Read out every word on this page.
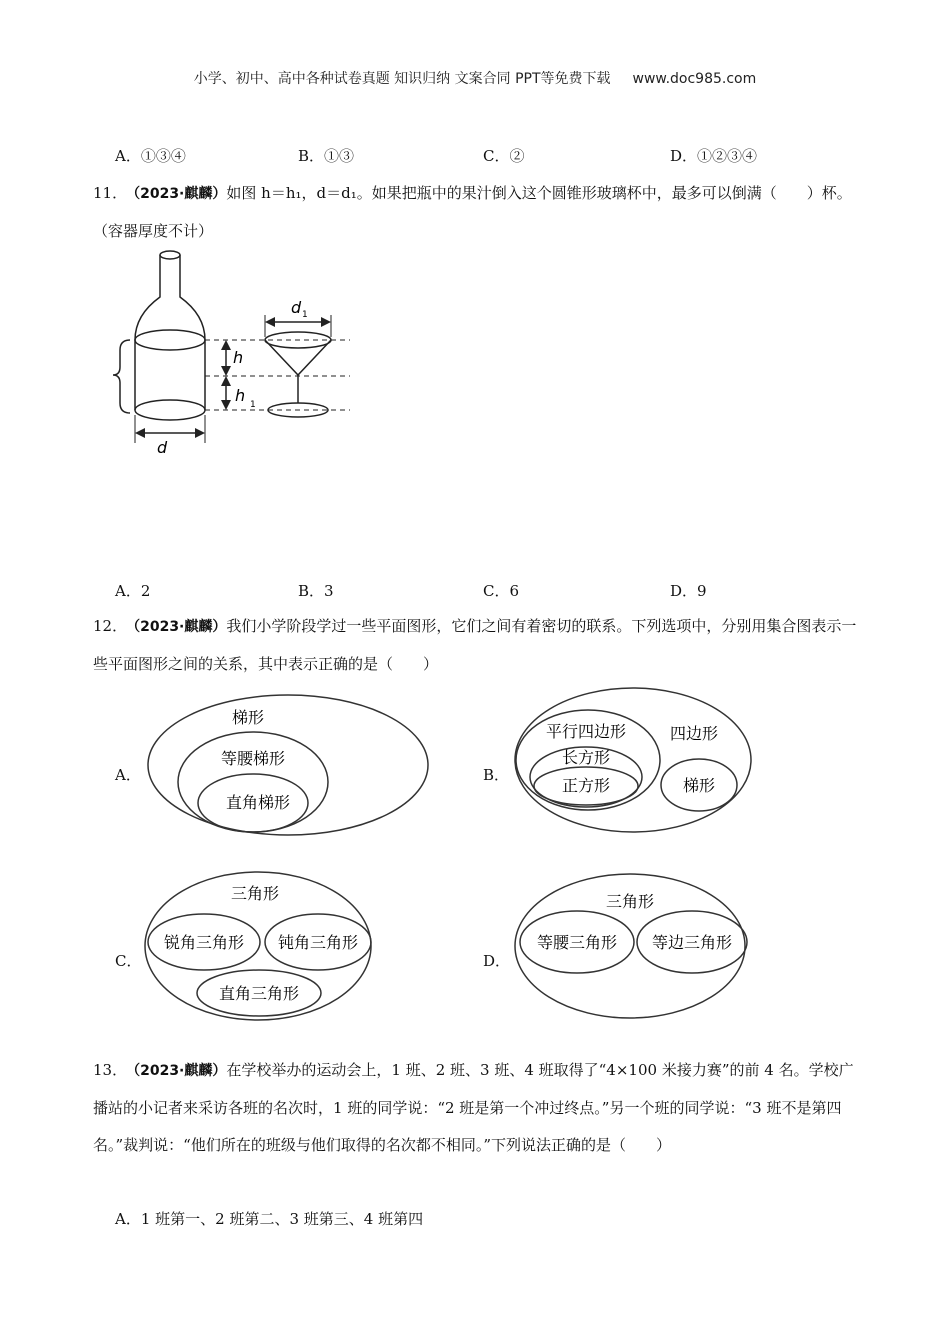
小学、初中、高中各种试卷真题 知识归纳 文案合同 PPT等免费下载 www.doc985.com
A．①③④	B．①③	C．②	D．①②③④
11． （2023·麒麟）如图 h＝h₁，d＝d₁。如果把瓶中的果汁倒入这个圆锥形玻璃杯中，最多可以倒满（　　）杯。（容器厚度不计）
d 1
h
h 1
d
A．2	B．3	C．6	D．9
12． （2023·麒麟）我们小学阶段学过一些平面图形，它们之间有着密切的联系。下列选项中，分别用集合图表示一些平面图形之间的关系，其中表示正确的是（　　）
A．
梯形
等腰梯形
直角梯形
B．
平行四边形	四边形
长方形
正方形	梯形
C．
三角形
锐角三角形 钝角三角形
直角三角形
D．
三角形
等腰三角形 等边三角形
13． （2023·麒麟）在学校举办的运动会上，1 班、2 班、3 班、4 班取得了“4×100 米接力赛”的前 4 名。学校广播站的小记者来采访各班的名次时，1 班的同学说：“2 班是第一个冲过终点。”另一个班的同学说：“3 班不是第四名。”裁判说：“他们所在的班级与他们取得的名次都不相同。”下列说法正确的是（　　）
A．1 班第一、2 班第二、3 班第三、4 班第四
